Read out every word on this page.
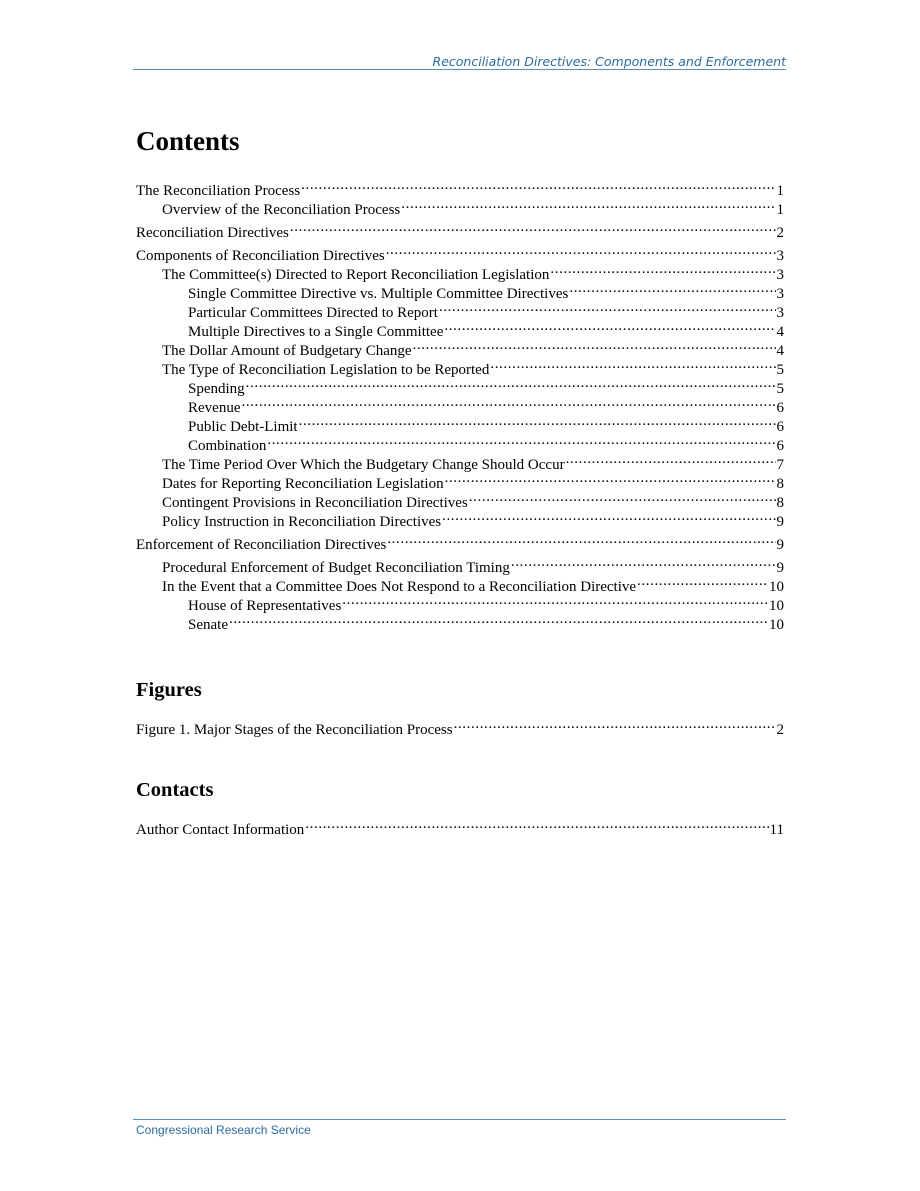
Reconciliation Directives: Components and Enforcement
Contents
The Reconciliation Process .....	1
Overview of the Reconciliation Process .....	1
Reconciliation Directives .....	2
Components of Reconciliation Directives .....	3
The Committee(s) Directed to Report Reconciliation Legislation .....	3
Single Committee Directive vs. Multiple Committee Directives .....	3
Particular Committees Directed to Report .....	3
Multiple Directives to a Single Committee .....	4
The Dollar Amount of Budgetary Change .....	4
The Type of Reconciliation Legislation to be Reported .....	5
Spending .....	5
Revenue .....	6
Public Debt-Limit .....	6
Combination .....	6
The Time Period Over Which the Budgetary Change Should Occur .....	7
Dates for Reporting Reconciliation Legislation .....	8
Contingent Provisions in Reconciliation Directives .....	8
Policy Instruction in Reconciliation Directives .....	9
Enforcement of Reconciliation Directives .....	9
Procedural Enforcement of Budget Reconciliation Timing .....	9
In the Event that a Committee Does Not Respond to a Reconciliation Directive .....	10
House of Representatives .....	10
Senate .....	10
Figures
Figure 1. Major Stages of the Reconciliation Process .....	2
Contacts
Author Contact Information .....	11
Congressional Research Service
